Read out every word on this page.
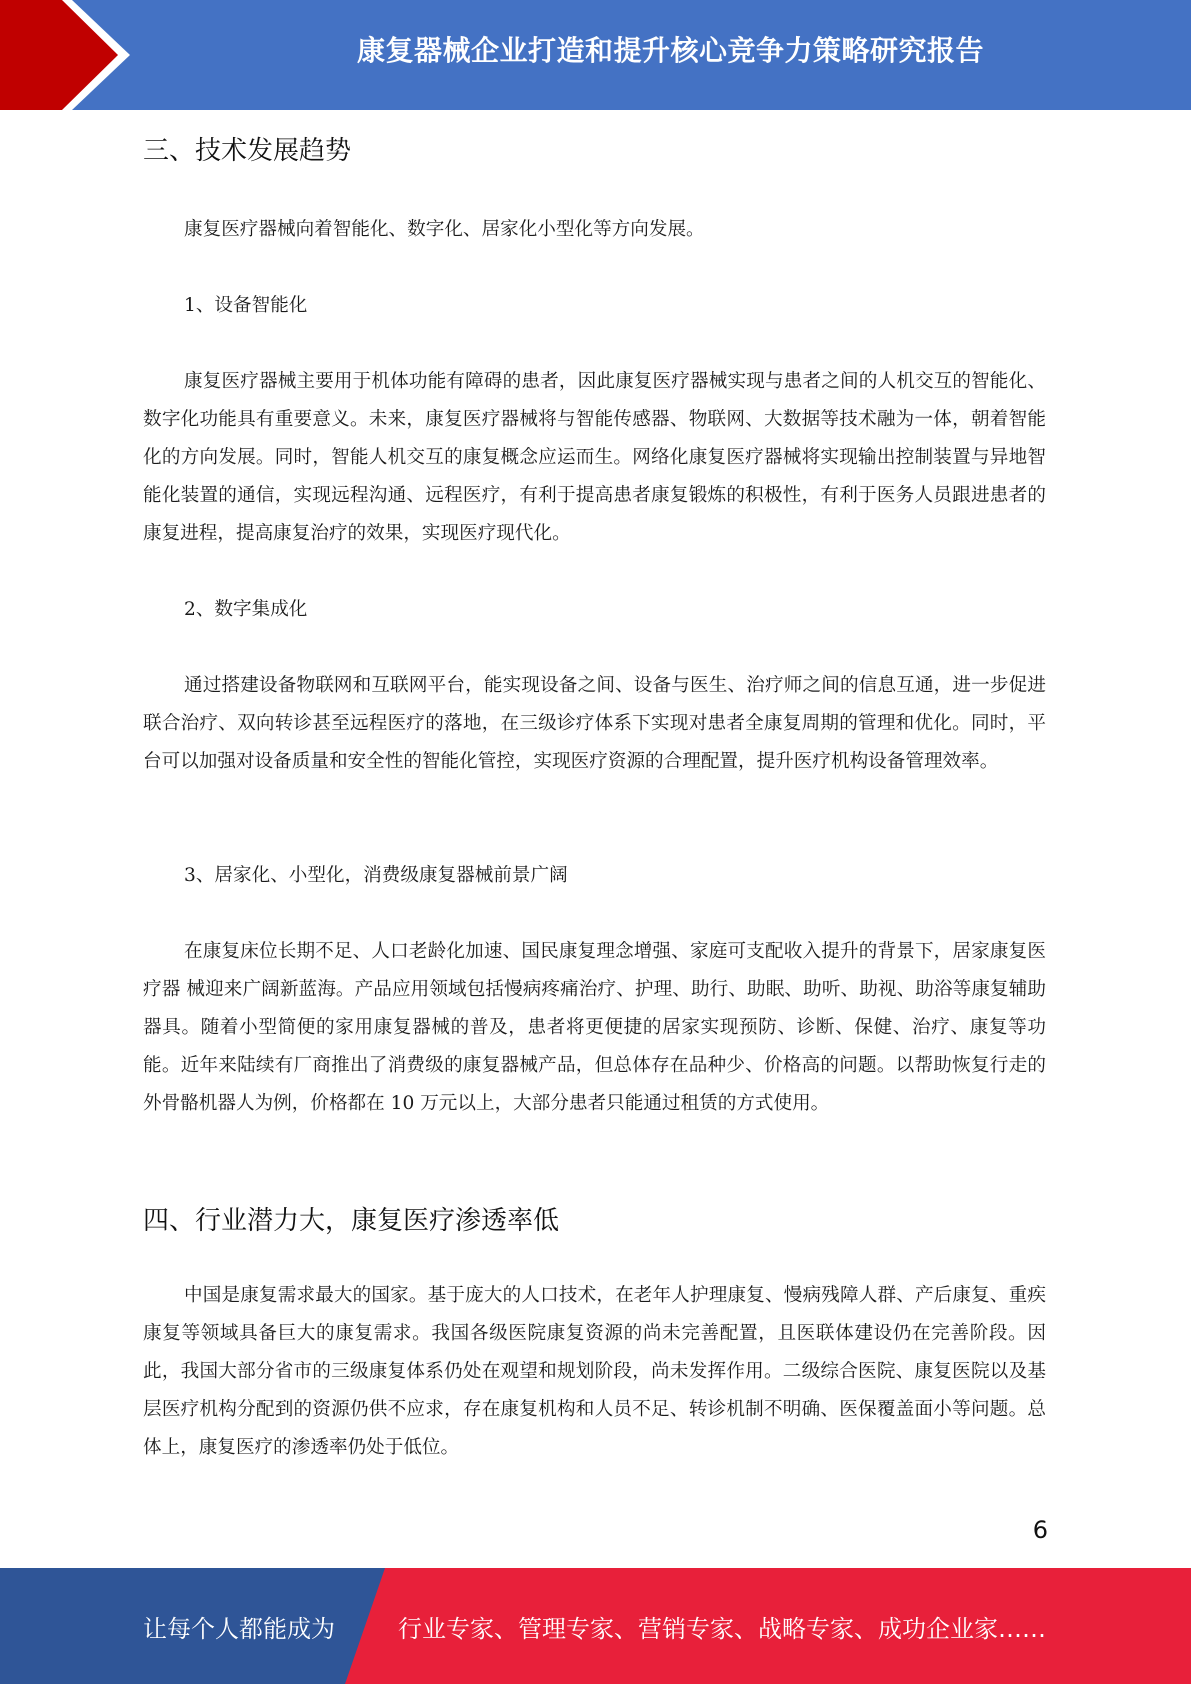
康复器械企业打造和提升核心竞争力策略研究报告
三、技术发展趋势

康复医疗器械向着智能化、数字化、居家化小型化等方向发展。

1、设备智能化

康复医疗器械主要用于机体功能有障碍的患者，因此康复医疗器械实现与患者之间的人机交互的智能化、数字化功能具有重要意义。未来，康复医疗器械将与智能传感器、物联网、大数据等技术融为一体，朝着智能化的方向发展。同时，智能人机交互的康复概念应运而生。网络化康复医疗器械将实现输出控制装置与异地智能化装置的通信，实现远程沟通、远程医疗，有利于提高患者康复锻炼的积极性，有利于医务人员跟进患者的康复进程，提高康复治疗的效果，实现医疗现代化。

2、数字集成化

通过搭建设备物联网和互联网平台，能实现设备之间、设备与医生、治疗师之间的信息互通，进一步促进联合治疗、双向转诊甚至远程医疗的落地，在三级诊疗体系下实现对患者全康复周期的管理和优化。同时，平台可以加强对设备质量和安全性的智能化管控，实现医疗资源的合理配置，提升医疗机构设备管理效率。

3、居家化、小型化，消费级康复器械前景广阔

在康复床位长期不足、人口老龄化加速、国民康复理念增强、家庭可支配收入提升的背景下，居家康复医疗器 械迎来广阔新蓝海。产品应用领域包括慢病疼痛治疗、护理、助行、助眠、助听、助视、助浴等康复辅助器具。随着小型简便的家用康复器械的普及，患者将更便捷的居家实现预防、诊断、保健、治疗、康复等功能。近年来陆续有厂商推出了消费级的康复器械产品，但总体存在品种少、价格高的问题。以帮助恢复行走的外骨骼机器人为例，价格都在 10 万元以上，大部分患者只能通过租赁的方式使用。

四、行业潜力大，康复医疗渗透率低

中国是康复需求最大的国家。基于庞大的人口技术，在老年人护理康复、慢病残障人群、产后康复、重疾康复等领域具备巨大的康复需求。我国各级医院康复资源的尚未完善配置，且医联体建设仍在完善阶段。因此，我国大部分省市的三级康复体系仍处在观望和规划阶段，尚未发挥作用。二级综合医院、康复医院以及基层医疗机构分配到的资源仍供不应求，存在康复机构和人员不足、转诊机制不明确、医保覆盖面小等问题。总体上，康复医疗的渗透率仍处于低位。

6
让每个人都能成为	行业专家、管理专家、营销专家、战略专家、成功企业家……
